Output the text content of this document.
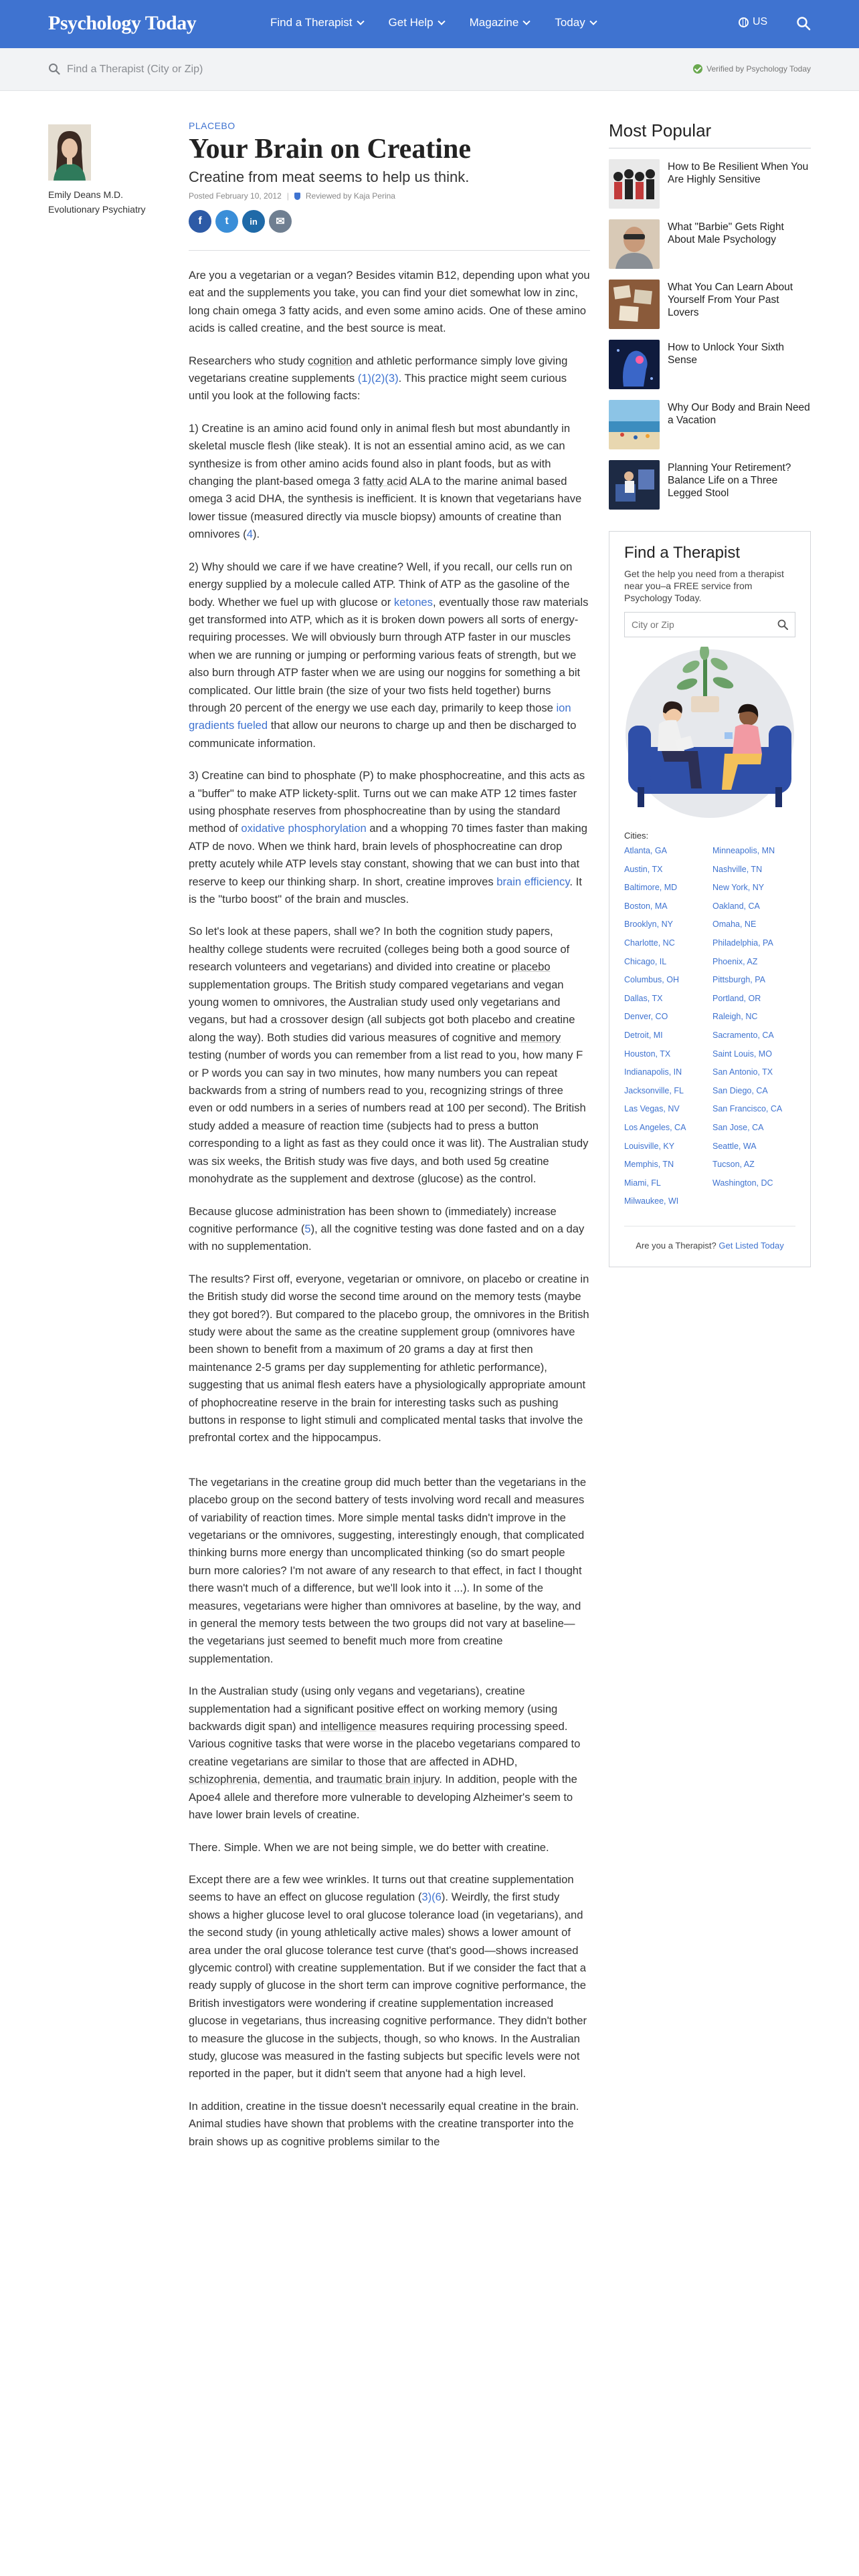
Psychology Today	Find a Therapist	Get Help	Magazine	Today	US
Find a Therapist (City or Zip)
Verified by Psychology Today
Emily Deans M.D.
Evolutionary Psychiatry
PLACEBO
Your Brain on Creatine
Creatine from meat seems to help us think.
Posted February 10, 2012 | Reviewed by Kaja Perina
f	t	in	✉

Are you a vegetarian or a vegan? Besides vitamin B12, depending upon what you eat and the supplements you take, you can find your diet somewhat low in zinc, long chain omega 3 fatty acids, and even some amino acids. One of these amino acids is called creatine, and the best source is meat.

Researchers who study cognition and athletic performance simply love giving vegetarians creatine supplements (1)(2)(3). This practice might seem curious until you look at the following facts:

1) Creatine is an amino acid found only in animal flesh but most abundantly in skeletal muscle flesh (like steak). It is not an essential amino acid, as we can synthesize is from other amino acids found also in plant foods, but as with changing the plant-based omega 3 fatty acid ALA to the marine animal based omega 3 acid DHA, the synthesis is inefficient. It is known that vegetarians have lower tissue (measured directly via muscle biopsy) amounts of creatine than omnivores (4).

2) Why should we care if we have creatine? Well, if you recall, our cells run on energy supplied by a molecule called ATP. Think of ATP as the gasoline of the body. Whether we fuel up with glucose or ketones, eventually those raw materials get transformed into ATP, which as it is broken down powers all sorts of energy-requiring processes. We will obviously burn through ATP faster in our muscles when we are running or jumping or performing various feats of strength, but we also burn through ATP faster when we are using our noggins for something a bit complicated. Our little brain (the size of your two fists held together) burns through 20 percent of the energy we use each day, primarily to keep those ion gradients fueled that allow our neurons to charge up and then be discharged to communicate information.

3) Creatine can bind to phosphate (P) to make phosphocreatine, and this acts as a "buffer" to make ATP lickety-split. Turns out we can make ATP 12 times faster using phosphate reserves from phosphocreatine than by using the standard method of oxidative phosphorylation and a whopping 70 times faster than making ATP de novo. When we think hard, brain levels of phosphocreatine can drop pretty acutely while ATP levels stay constant, showing that we can bust into that reserve to keep our thinking sharp. In short, creatine improves brain efficiency. It is the "turbo boost" of the brain and muscles.

So let's look at these papers, shall we? In both the cognition study papers, healthy college students were recruited (colleges being both a good source of research volunteers and vegetarians) and divided into creatine or placebo supplementation groups. The British study compared vegetarians and vegan young women to omnivores, the Australian study used only vegetarians and vegans, but had a crossover design (all subjects got both placebo and creatine along the way). Both studies did various measures of cognitive and memory testing (number of words you can remember from a list read to you, how many F or P words you can say in two minutes, how many numbers you can repeat backwards from a string of numbers read to you, recognizing strings of three even or odd numbers in a series of numbers read at 100 per second). The British study added a measure of reaction time (subjects had to press a button corresponding to a light as fast as they could once it was lit). The Australian study was six weeks, the British study was five days, and both used 5g creatine monohydrate as the supplement and dextrose (glucose) as the control.

Because glucose administration has been shown to (immediately) increase cognitive performance (5), all the cognitive testing was done fasted and on a day with no supplementation.

The results? First off, everyone, vegetarian or omnivore, on placebo or creatine in the British study did worse the second time around on the memory tests (maybe they got bored?). But compared to the placebo group, the omnivores in the British study were about the same as the creatine supplement group (omnivores have been shown to benefit from a maximum of 20 grams a day at first then maintenance 2-5 grams per day supplementing for athletic performance), suggesting that us animal flesh eaters have a physiologically appropriate amount of phophocreatine reserve in the brain for interesting tasks such as pushing buttons in response to light stimuli and complicated mental tasks that involve the prefrontal cortex and the hippocampus.

The vegetarians in the creatine group did much better than the vegetarians in the placebo group on the second battery of tests involving word recall and measures of variability of reaction times. More simple mental tasks didn't improve in the vegetarians or the omnivores, suggesting, interestingly enough, that complicated thinking burns more energy than uncomplicated thinking (so do smart people burn more calories? I'm not aware of any research to that effect, in fact I thought there wasn't much of a difference, but we'll look into it ...). In some of the measures, vegetarians were higher than omnivores at baseline, by the way, and in general the memory tests between the two groups did not vary at baseline—the vegetarians just seemed to benefit much more from creatine supplementation.

In the Australian study (using only vegans and vegetarians), creatine supplementation had a significant positive effect on working memory (using backwards digit span) and intelligence measures requiring processing speed. Various cognitive tasks that were worse in the placebo vegetarians compared to creatine vegetarians are similar to those that are affected in ADHD, schizophrenia, dementia, and traumatic brain injury. In addition, people with the Apoe4 allele and therefore more vulnerable to developing Alzheimer's seem to have lower brain levels of creatine.

There. Simple. When we are not being simple, we do better with creatine.

Except there are a few wee wrinkles. It turns out that creatine supplementation seems to have an effect on glucose regulation (3)(6). Weirdly, the first study shows a higher glucose level to oral glucose tolerance load (in vegetarians), and the second study (in young athletically active males) shows a lower amount of area under the oral glucose tolerance test curve (that's good—shows increased glycemic control) with creatine supplementation. But if we consider the fact that a ready supply of glucose in the short term can improve cognitive performance, the British investigators were wondering if creatine supplementation increased glucose in vegetarians, thus increasing cognitive performance. They didn't bother to measure the glucose in the subjects, though, so who knows. In the Australian study, glucose was measured in the fasting subjects but specific levels were not reported in the paper, but it didn't seem that anyone had a high level.

In addition, creatine in the tissue doesn't necessarily equal creatine in the brain. Animal studies have shown that problems with the creatine transporter into the brain shows up as cognitive problems similar to the

Most Popular
How to Be Resilient When You Are Highly Sensitive
What "Barbie" Gets Right About Male Psychology
What You Can Learn About Yourself From Your Past Lovers
How to Unlock Your Sixth Sense
Why Our Body and Brain Need a Vacation
Planning Your Retirement? Balance Life on a Three Legged Stool
Find a Therapist
Get the help you need from a therapist near you–a FREE service from Psychology Today.
City or Zip
Cities:
Atlanta, GA	Minneapolis, MN
Austin, TX	Nashville, TN
Baltimore, MD	New York, NY
Boston, MA	Oakland, CA
Brooklyn, NY	Omaha, NE
Charlotte, NC	Philadelphia, PA
Chicago, IL	Phoenix, AZ
Columbus, OH	Pittsburgh, PA
Dallas, TX	Portland, OR
Denver, CO	Raleigh, NC
Detroit, MI	Sacramento, CA
Houston, TX	Saint Louis, MO
Indianapolis, IN	San Antonio, TX
Jacksonville, FL	San Diego, CA
Las Vegas, NV	San Francisco, CA
Los Angeles, CA	San Jose, CA
Louisville, KY	Seattle, WA
Memphis, TN	Tucson, AZ
Miami, FL	Washington, DC
Milwaukee, WI
Are you a Therapist? Get Listed Today
